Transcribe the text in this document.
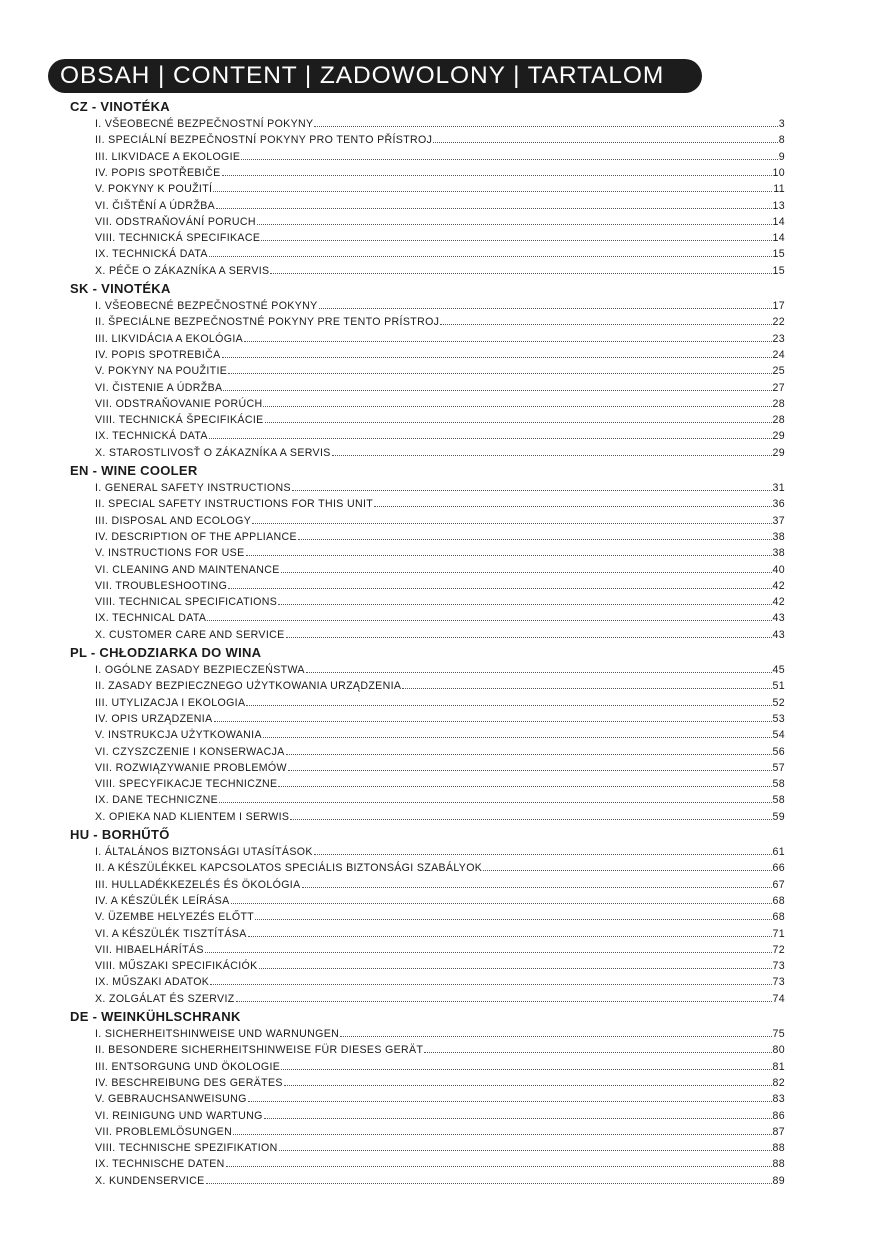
OBSAH | CONTENT | ZADOWOLONY | TARTALOM
CZ - VINOTÉKA
I. VŠEOBECNÉ BEZPEČNOSTNÍ POKYNY	3
II. SPECIÁLNÍ BEZPEČNOSTNÍ POKYNY PRO TENTO PŘÍSTROJ	8
III. LIKVIDACE A EKOLOGIE	9
IV. POPIS SPOTŘEBIČE	10
V. POKYNY K POUŽITÍ	11
VI. ČIŠTĚNÍ A ÚDRŽBA	13
VII. ODSTRAŇOVÁNÍ PORUCH	14
VIII. TECHNICKÁ SPECIFIKACE	14
IX. TECHNICKÁ DATA	15
X. PÉČE O ZÁKAZNÍKA A SERVIS	15
SK - VINOTÉKA
I. VŠEOBECNÉ BEZPEČNOSTNÉ POKYNY	17
II. ŠPECIÁLNE BEZPEČNOSTNÉ POKYNY PRE TENTO PRÍSTROJ	22
III. LIKVIDÁCIA A EKOLÓGIA	23
IV. POPIS SPOTREBIČA	24
V. POKYNY NA POUŽITIE	25
VI. ČISTENIE A ÚDRŽBA	27
VII. ODSTRAŇOVANIE PORÚCH	28
VIII. TECHNICKÁ ŠPECIFIKÁCIE	28
IX. TECHNICKÁ DATA	29
X. STAROSTLIVOSŤ O ZÁKAZNÍKA A SERVIS	29
EN - WINE COOLER
I. GENERAL SAFETY INSTRUCTIONS	31
II. SPECIAL SAFETY INSTRUCTIONS FOR THIS UNIT	36
III. DISPOSAL AND ECOLOGY	37
IV. DESCRIPTION OF THE APPLIANCE	38
V. INSTRUCTIONS FOR USE	38
VI. CLEANING AND MAINTENANCE	40
VII. TROUBLESHOOTING	42
VIII. TECHNICAL SPECIFICATIONS	42
IX. TECHNICAL DATA	43
X. CUSTOMER CARE AND SERVICE	43
PL - CHŁODZIARKA DO WINA
I. OGÓLNE ZASADY BEZPIECZEŃSTWA	45
II. ZASADY BEZPIECZNEGO UŻYTKOWANIA URZĄDZENIA	51
III. UTYLIZACJA I EKOLOGIA	52
IV. OPIS URZĄDZENIA	53
V. INSTRUKCJA UŻYTKOWANIA	54
VI. CZYSZCZENIE I KONSERWACJA	56
VII. ROZWIĄZYWANIE PROBLEMÓW	57
VIII. SPECYFIKACJE TECHNICZNE	58
IX. DANE TECHNICZNE	58
X. OPIEKA NAD KLIENTEM I SERWIS	59
HU - BORHŰTŐ
I. ÁLTALÁNOS BIZTONSÁGI UTASÍTÁSOK	61
II. A KÉSZÜLÉKKEL KAPCSOLATOS SPECIÁLIS BIZTONSÁGI SZABÁLYOK	66
III. HULLADÉKKEZELÉS ÉS ÖKOLÓGIA	67
IV. A KÉSZÜLÉK LEÍRÁSA	68
V. ÜZEMBE HELYEZÉS ELŐTT	68
VI. A KÉSZÜLÉK TISZTÍTÁSA	71
VII. HIBAELHÁRÍTÁS	72
VIII. MŰSZAKI SPECIFIKÁCIÓK	73
IX. MŰSZAKI ADATOK	73
X. ZOLGÁLAT ÉS SZERVIZ	74
DE - WEINKÜHLSCHRANK
I. SICHERHEITSHINWEISE UND WARNUNGEN	75
II. BESONDERE SICHERHEITSHINWEISE FÜR DIESES GERÄT	80
III. ENTSORGUNG UND ÖKOLOGIE	81
IV. BESCHREIBUNG DES GERÄTES	82
V. GEBRAUCHSANWEISUNG	83
VI. REINIGUNG UND WARTUNG	86
VII. PROBLEMLÖSUNGEN	87
VIII. TECHNISCHE SPEZIFIKATION	88
IX. TECHNISCHE DATEN	88
X. KUNDENSERVICE	89
